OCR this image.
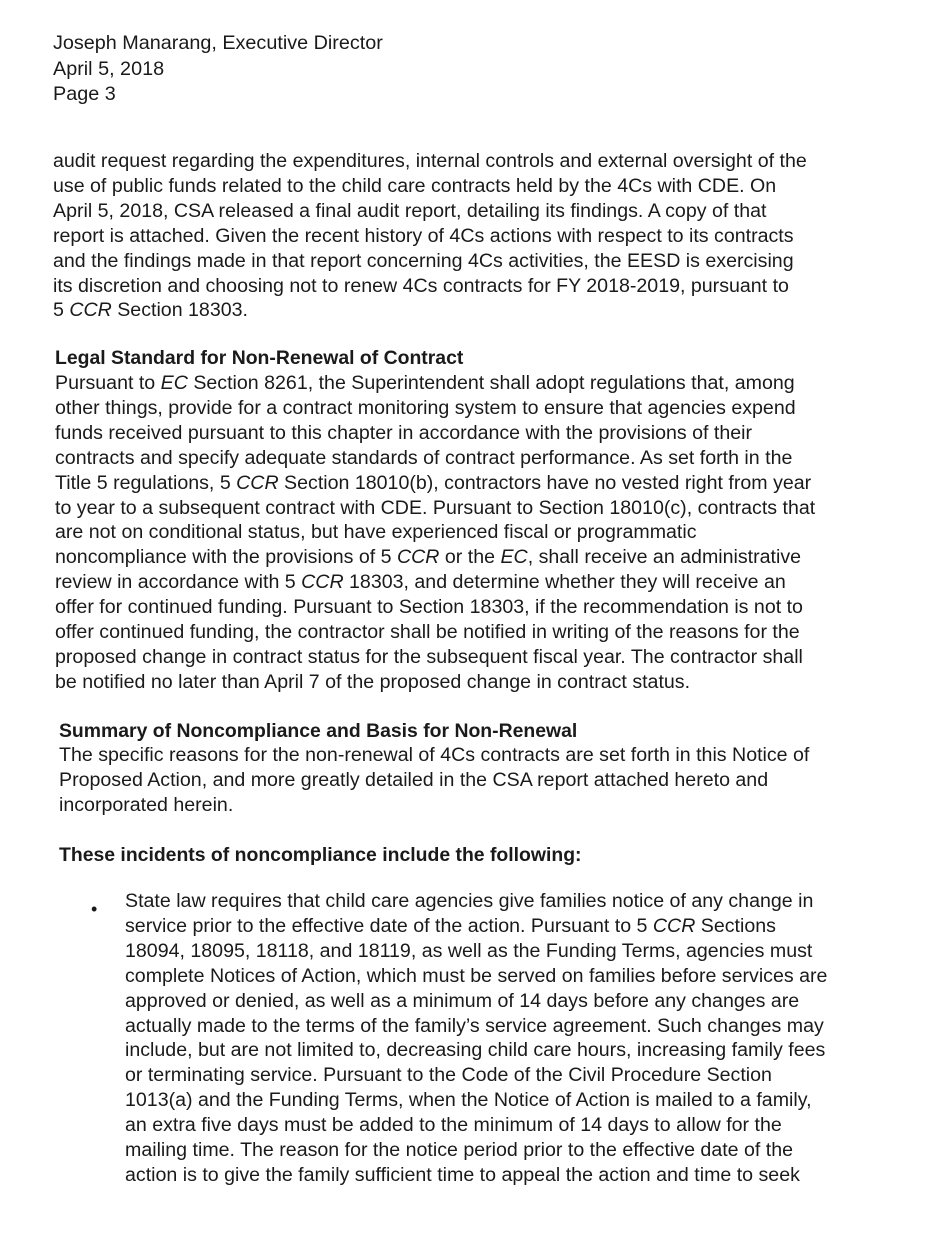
Joseph Manarang, Executive Director
April 5, 2018
Page 3
audit request regarding the expenditures, internal controls and external oversight of the
use of public funds related to the child care contracts held by the 4Cs with CDE. On
April 5, 2018, CSA released a final audit report, detailing its findings. A copy of that
report is attached. Given the recent history of 4Cs actions with respect to its contracts
and the findings made in that report concerning 4Cs activities, the EESD is exercising
its discretion and choosing not to renew 4Cs contracts for FY 2018-2019, pursuant to
5 CCR Section 18303.
Legal Standard for Non-Renewal of Contract
Pursuant to EC Section 8261, the Superintendent shall adopt regulations that, among
other things, provide for a contract monitoring system to ensure that agencies expend
funds received pursuant to this chapter in accordance with the provisions of their
contracts and specify adequate standards of contract performance. As set forth in the
Title 5 regulations, 5 CCR Section 18010(b), contractors have no vested right from year
to year to a subsequent contract with CDE. Pursuant to Section 18010(c), contracts that
are not on conditional status, but have experienced fiscal or programmatic
noncompliance with the provisions of 5 CCR or the EC, shall receive an administrative
review in accordance with 5 CCR 18303, and determine whether they will receive an
offer for continued funding. Pursuant to Section 18303, if the recommendation is not to
offer continued funding, the contractor shall be notified in writing of the reasons for the
proposed change in contract status for the subsequent fiscal year. The contractor shall
be notified no later than April 7 of the proposed change in contract status.
Summary of Noncompliance and Basis for Non-Renewal
The specific reasons for the non-renewal of 4Cs contracts are set forth in this Notice of
Proposed Action, and more greatly detailed in the CSA report attached hereto and
incorporated herein.
These incidents of noncompliance include the following:
• State law requires that child care agencies give families notice of any change in
service prior to the effective date of the action. Pursuant to 5 CCR Sections
18094, 18095, 18118, and 18119, as well as the Funding Terms, agencies must
complete Notices of Action, which must be served on families before services are
approved or denied, as well as a minimum of 14 days before any changes are
actually made to the terms of the family’s service agreement. Such changes may
include, but are not limited to, decreasing child care hours, increasing family fees
or terminating service. Pursuant to the Code of the Civil Procedure Section
1013(a) and the Funding Terms, when the Notice of Action is mailed to a family,
an extra five days must be added to the minimum of 14 days to allow for the
mailing time. The reason for the notice period prior to the effective date of the
action is to give the family sufficient time to appeal the action and time to seek
